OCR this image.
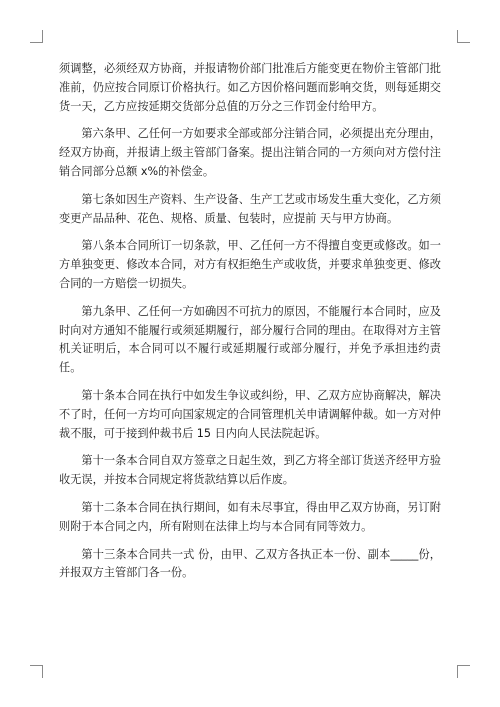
须调整，必须经双方协商，并报请物价部门批准后方能变更在物价主管部门批准前，仍应按合同原订价格执行。如乙方因价格问题而影响交货，则每延期交货一天，乙方应按延期交货部分总值的万分之三作罚金付给甲方。

第六条甲、乙任何一方如要求全部或部分注销合同，必须提出充分理由，经双方协商，并报请上级主管部门备案。提出注销合同的一方须向对方偿付注销合同部分总额 x%的补偿金。

第七条如因生产资料、生产设备、生产工艺或市场发生重大变化，乙方须变更产品品种、花色、规格、质量、包装时，应提前 天与甲方协商。

第八条本合同所订一切条款，甲、乙任何一方不得擅自变更或修改。如一方单独变更、修改本合同，对方有权拒绝生产或收货，并要求单独变更、修改合同的一方赔偿一切损失。

第九条甲、乙任何一方如确因不可抗力的原因，不能履行本合同时，应及时向对方通知不能履行或须延期履行，部分履行合同的理由。在取得对方主管机关证明后，本合同可以不履行或延期履行或部分履行，并免予承担违约责任。

第十条本合同在执行中如发生争议或纠纷，甲、乙双方应协商解决，解决不了时，任何一方均可向国家规定的合同管理机关申请调解仲裁。如一方对仲裁不服，可于接到仲裁书后 15 日内向人民法院起诉。

第十一条本合同自双方签章之日起生效，到乙方将全部订货送齐经甲方验收无误，并按本合同规定将货款结算以后作废。

第十二条本合同在执行期间，如有未尽事宜，得由甲乙双方协商，另订附则附于本合同之内，所有附则在法律上均与本合同有同等效力。

第十三条本合同共一式 份，由甲、乙双方各执正本一份、副本_____份，并报双方主管部门各一份。
